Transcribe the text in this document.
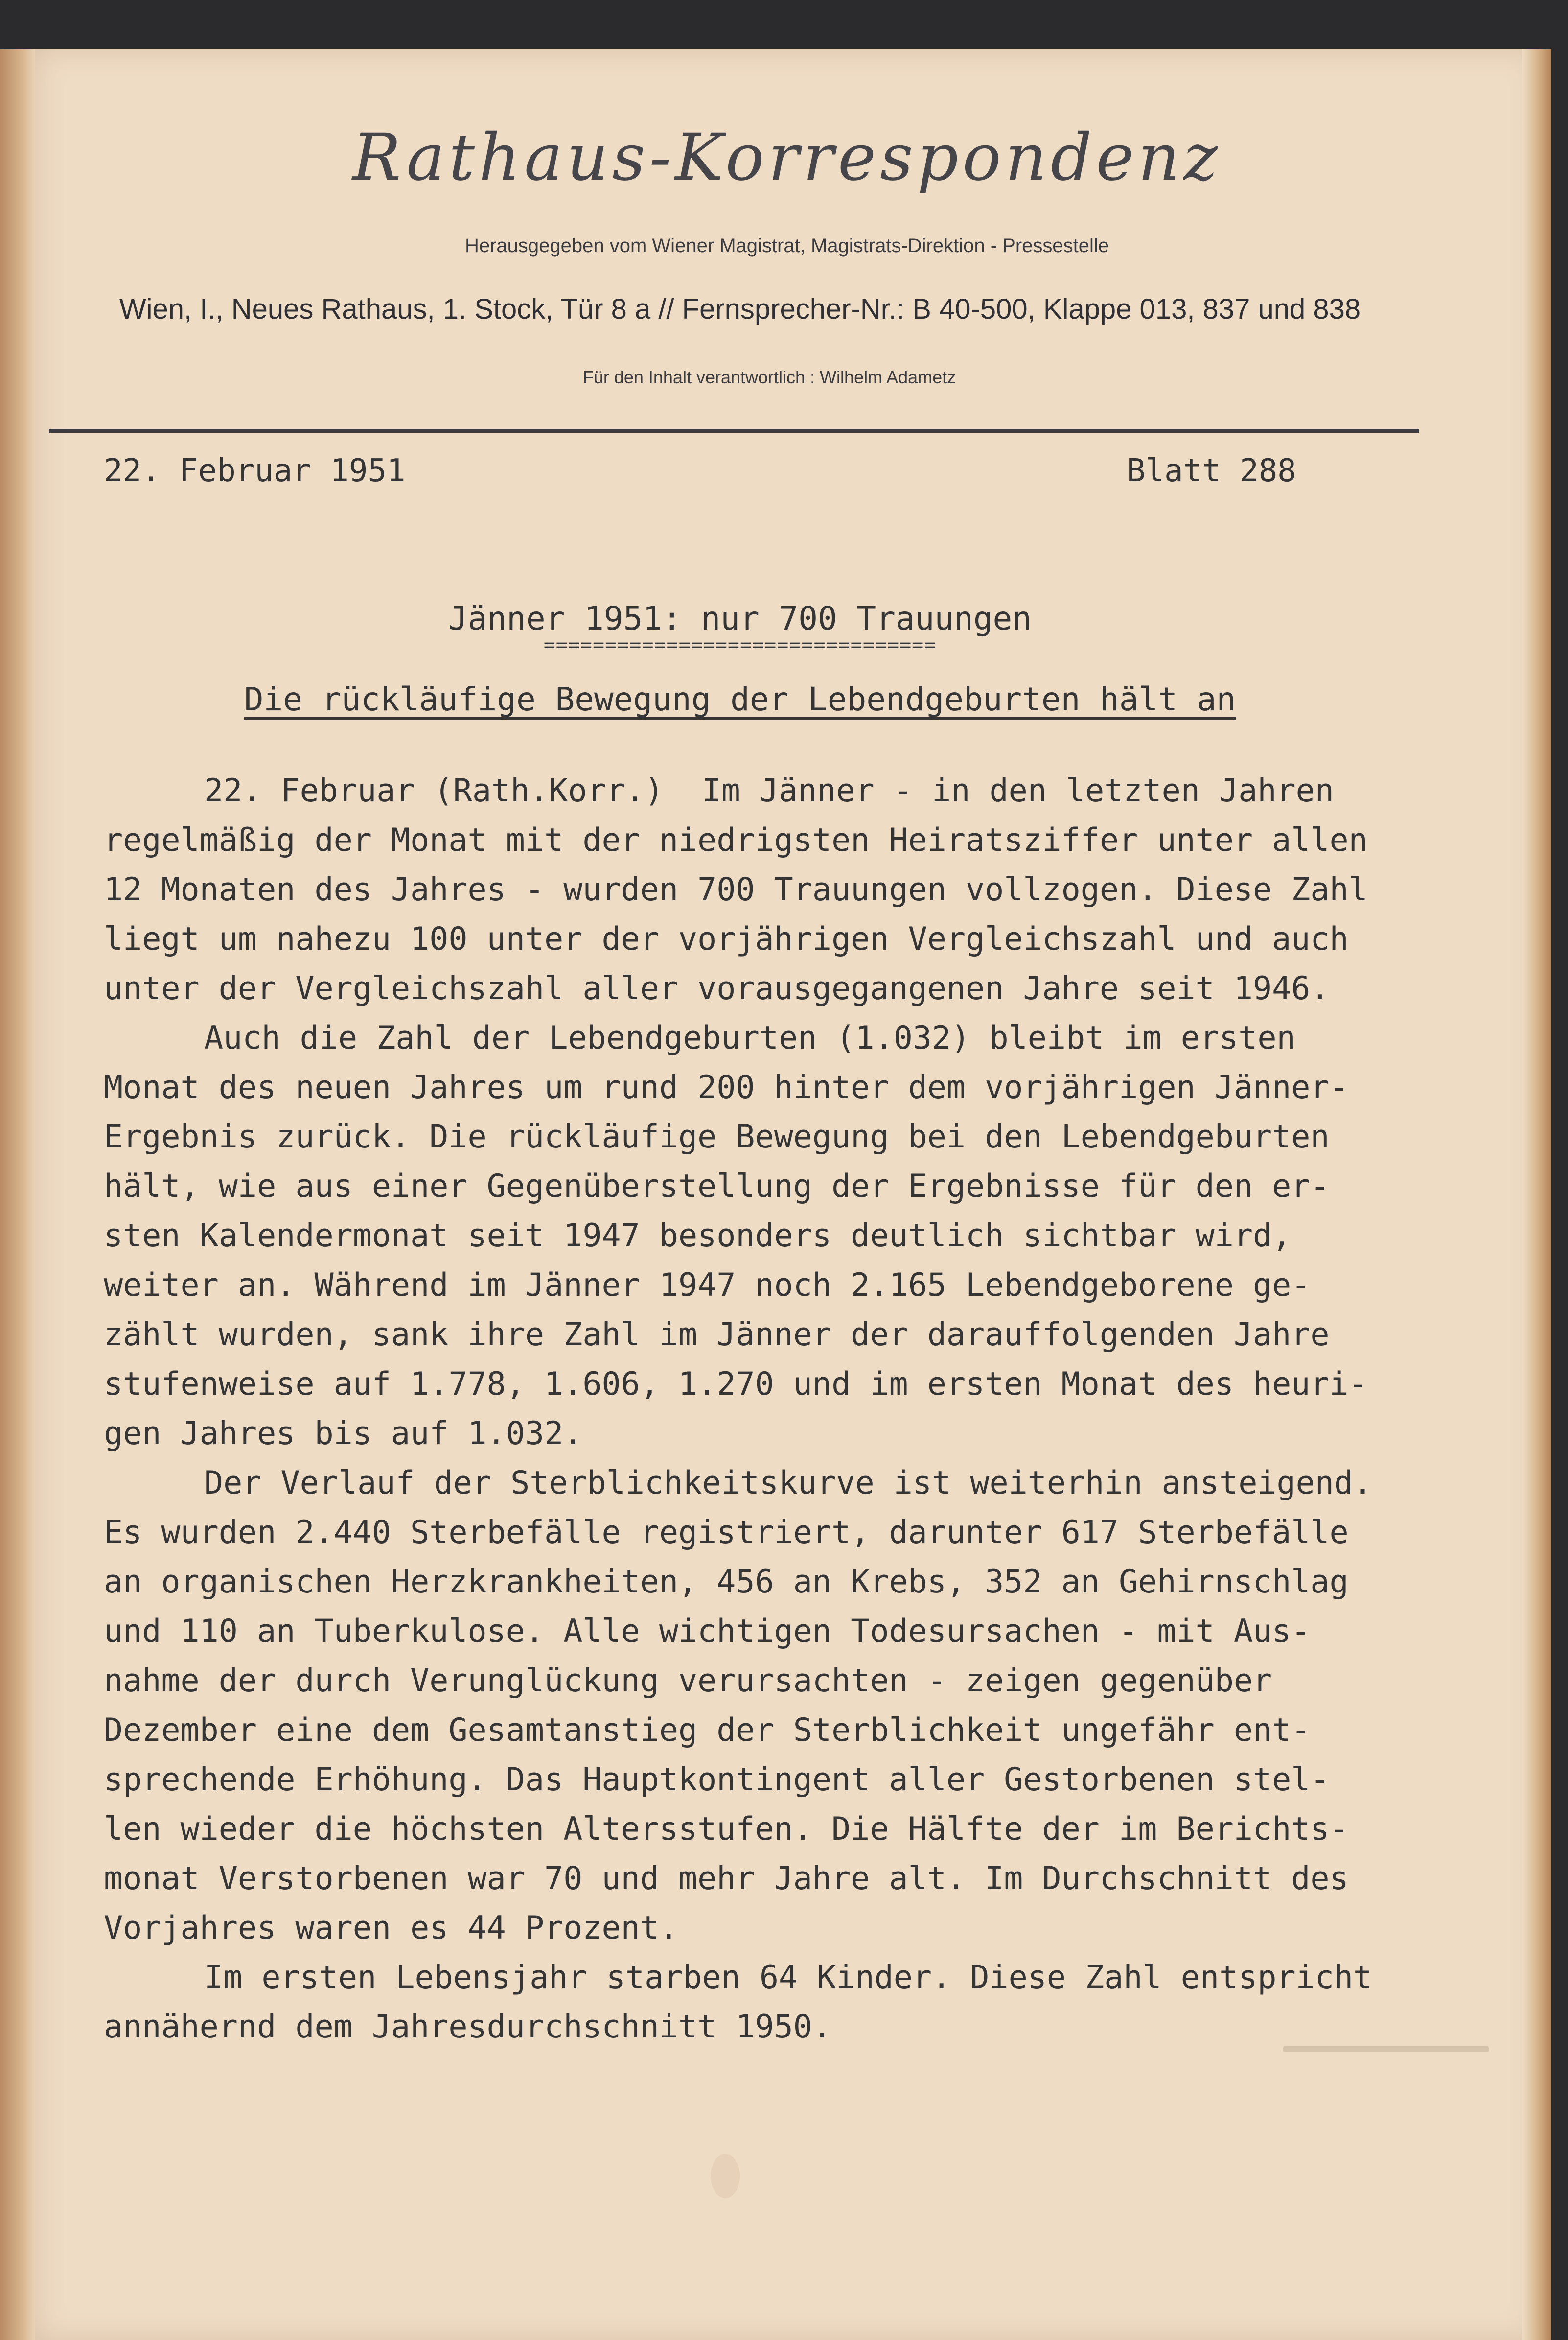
Rathaus-Korrespondenz
Herausgegeben vom Wiener Magistrat, Magistrats-Direktion - Pressestelle
Wien, I., Neues Rathaus, 1. Stock, Tür 8 a // Fernsprecher-Nr.: B 40-500, Klappe 013, 837 und 838
Für den Inhalt verantwortlich : Wilhelm Adametz
22. Februar 1951	Blatt 288
Jänner 1951: nur 700 Trauungen
================================
Die rückläufige Bewegung der Lebendgeburten hält an
22. Februar (Rath.Korr.)  Im Jänner - in den letzten Jahren
regelmäßig der Monat mit der niedrigsten Heiratsziffer unter allen
12 Monaten des Jahres - wurden 700 Trauungen vollzogen. Diese Zahl
liegt um nahezu 100 unter der vorjährigen Vergleichszahl und auch
unter der Vergleichszahl aller vorausgegangenen Jahre seit 1946.
Auch die Zahl der Lebendgeburten (1.032) bleibt im ersten
Monat des neuen Jahres um rund 200 hinter dem vorjährigen Jänner-
Ergebnis zurück. Die rückläufige Bewegung bei den Lebendgeburten
hält, wie aus einer Gegenüberstellung der Ergebnisse für den er-
sten Kalendermonat seit 1947 besonders deutlich sichtbar wird,
weiter an. Während im Jänner 1947 noch 2.165 Lebendgeborene ge-
zählt wurden, sank ihre Zahl im Jänner der darauffolgenden Jahre
stufenweise auf 1.778, 1.606, 1.270 und im ersten Monat des heuri-
gen Jahres bis auf 1.032.
Der Verlauf der Sterblichkeitskurve ist weiterhin ansteigend.
Es wurden 2.440 Sterbefälle registriert, darunter 617 Sterbefälle
an organischen Herzkrankheiten, 456 an Krebs, 352 an Gehirnschlag
und 110 an Tuberkulose. Alle wichtigen Todesursachen - mit Aus-
nahme der durch Verunglückung verursachten - zeigen gegenüber
Dezember eine dem Gesamtanstieg der Sterblichkeit ungefähr ent-
sprechende Erhöhung. Das Hauptkontingent aller Gestorbenen stel-
len wieder die höchsten Altersstufen. Die Hälfte der im Berichts-
monat Verstorbenen war 70 und mehr Jahre alt. Im Durchschnitt des
Vorjahres waren es 44 Prozent.
Im ersten Lebensjahr starben 64 Kinder. Diese Zahl entspricht
annähernd dem Jahresdurchschnitt 1950.
